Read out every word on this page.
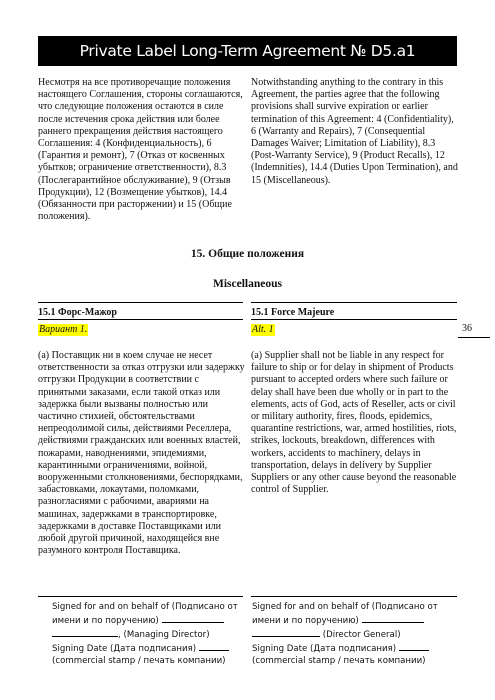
Private Label Long-Term Agreement № D5.a1
Несмотря на все противоречащие положения настоящего Соглашения, стороны соглашаются, что следующие положения остаются в силе после истечения срока действия или более раннего прекращения действия настоящего Соглашения: 4 (Конфиденциальность), 6 (Гарантия и ремонт), 7 (Отказ от косвенных убытков; ограничение ответственности), 8.3 (Послегарантийное обслуживание), 9 (Отзыв Продукции), 12 (Возмещение убытков), 14.4 (Обязанности при расторжении) и 15 (Общие положения).
Notwithstanding anything to the contrary in this Agreement, the parties agree that the following provisions shall survive expiration or earlier termination of this Agreement: 4 (Confidentiality), 6 (Warranty and Repairs), 7 (Consequential Damages Waiver; Limitation of Liability), 8.3 (Post-Warranty Service), 9 (Product Recalls), 12 (Indemnities), 14.4 (Duties Upon Termination), and 15 (Miscellaneous).
15. Общие положения
Miscellaneous
15.1 Форс-Мажор	15.1 Force Majeure
Вариант 1.	Alt. 1	36
(a) Поставщик ни в коем случае не несет ответственности за отказ отгрузки или задержку отгрузки Продукции в соответствии с принятыми заказами, если такой отказ или задержка были вызваны полностью или частично стихией, обстоятельствами непреодолимой силы, действиями Реселлера, действиями гражданских или военных властей, пожарами, наводнениями, эпидемиями, карантинными ограничениями, войной, вооруженными столкновениями, беспорядками, забастовками, локаутами, поломками, разногласиями с рабочими, авариями на машинах, задержками в транспортировке, задержками в доставке Поставщиками или любой другой причиной, находящейся вне разумного контроля Поставщика.
(a) Supplier shall not be liable in any respect for failure to ship or for delay in shipment of Products pursuant to accepted orders where such failure or delay shall have been due wholly or in part to the elements, acts of God, acts of Reseller, acts or civil or military authority, fires, floods, epidemics, quarantine restrictions, war, armed hostilities, riots, strikes, lockouts, breakdown, differences with workers, accidents to machinery, delays in transportation, delays in delivery by Supplier Suppliers or any other cause beyond the reasonable control of Supplier.
Signed for and on behalf of (Подписано от
имени и по поручению)
, (Managing Director)
Signing Date (Дата подписания)
(commercial stamp / печать компании)
Signed for and on behalf of (Подписано от
имени и по поручению)
(Director General)
Signing Date (Дата подписания)
(commercial stamp / печать компании)
